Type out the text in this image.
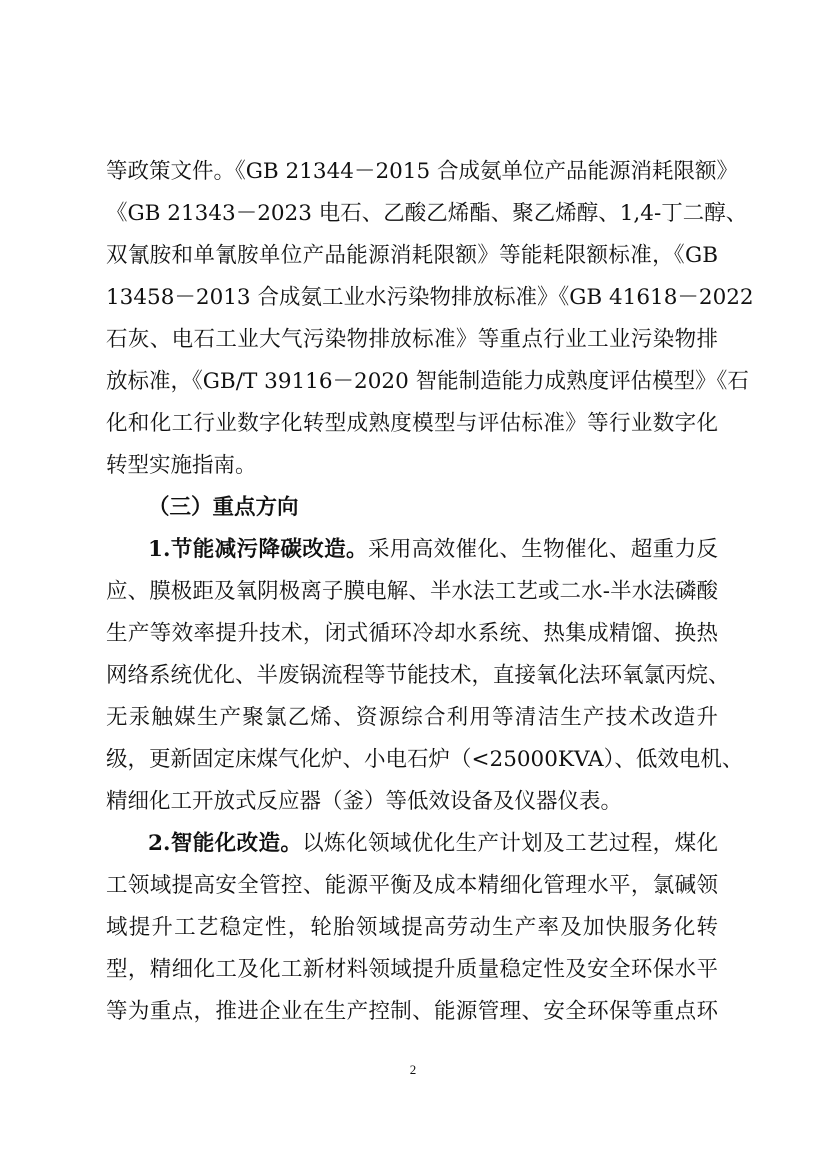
等政策文件。《GB 21344－2015 合成氨单位产品能源消耗限额》
《GB 21343－2023 电石、乙酸乙烯酯、聚乙烯醇、1,4-丁二醇、
双氰胺和单氰胺单位产品能源消耗限额》等能耗限额标准，《GB
13458－2013 合成氨工业水污染物排放标准》《GB 41618－2022
石灰、电石工业大气污染物排放标准》等重点行业工业污染物排
放标准，《GB/T 39116－2020 智能制造能力成熟度评估模型》《石
化和化工行业数字化转型成熟度模型与评估标准》等行业数字化
转型实施指南。
（三）重点方向
1.节能减污降碳改造。采用高效催化、生物催化、超重力反
应、膜极距及氧阴极离子膜电解、半水法工艺或二水-半水法磷酸
生产等效率提升技术，闭式循环冷却水系统、热集成精馏、换热
网络系统优化、半废锅流程等节能技术，直接氧化法环氧氯丙烷、
无汞触媒生产聚氯乙烯、资源综合利用等清洁生产技术改造升
级，更新固定床煤气化炉、小电石炉（<25000KVA）、低效电机、
精细化工开放式反应器（釜）等低效设备及仪器仪表。
2.智能化改造。以炼化领域优化生产计划及工艺过程，煤化
工领域提高安全管控、能源平衡及成本精细化管理水平，氯碱领
域提升工艺稳定性，轮胎领域提高劳动生产率及加快服务化转
型，精细化工及化工新材料领域提升质量稳定性及安全环保水平
等为重点，推进企业在生产控制、能源管理、安全环保等重点环
2
